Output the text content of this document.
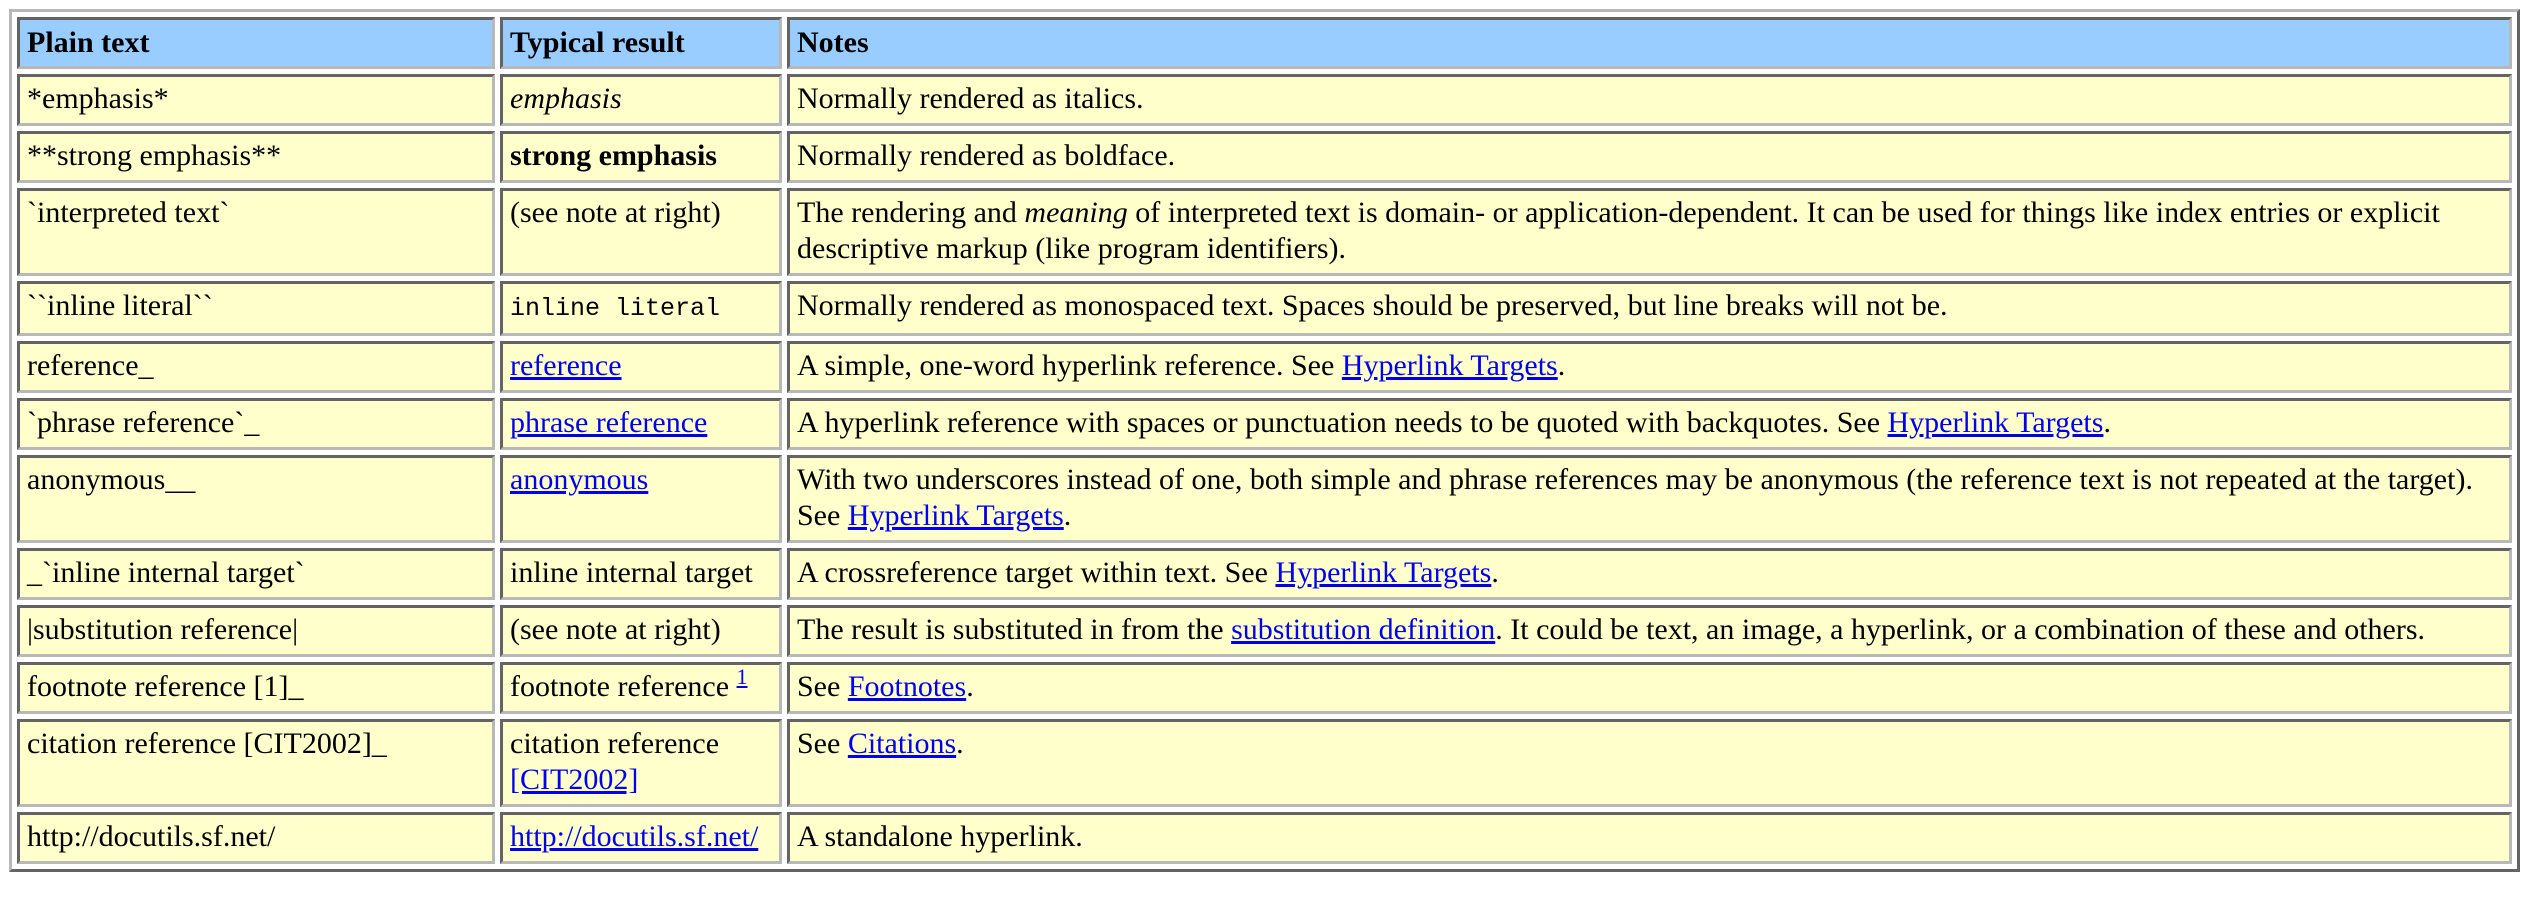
Plain text	Typical result	Notes
*emphasis*	emphasis	Normally rendered as italics.
**strong emphasis**	strong emphasis	Normally rendered as boldface.
`interpreted text`	(see note at right)	The rendering and meaning of interpreted text is domain- or application-dependent. It can be used for things like index entries or explicit descriptive markup (like program identifiers).
``inline literal``	inline literal	Normally rendered as monospaced text. Spaces should be preserved, but line breaks will not be.
reference_	reference	A simple, one-word hyperlink reference. See Hyperlink Targets.
`phrase reference`_	phrase reference	A hyperlink reference with spaces or punctuation needs to be quoted with backquotes. See Hyperlink Targets.
anonymous__	anonymous	With two underscores instead of one, both simple and phrase references may be anonymous (the reference text is not repeated at the target). See Hyperlink Targets.
_`inline internal target`	inline internal target	A crossreference target within text. See Hyperlink Targets.
|substitution reference|	(see note at right)	The result is substituted in from the substitution definition. It could be text, an image, a hyperlink, or a combination of these and others.
footnote reference [1]_	footnote reference $^1$	See Footnotes.
citation reference [CIT2002]_	citation reference [CIT2002]	See Citations.
http://docutils.sf.net/	http://docutils.sf.net/	A standalone hyperlink.
